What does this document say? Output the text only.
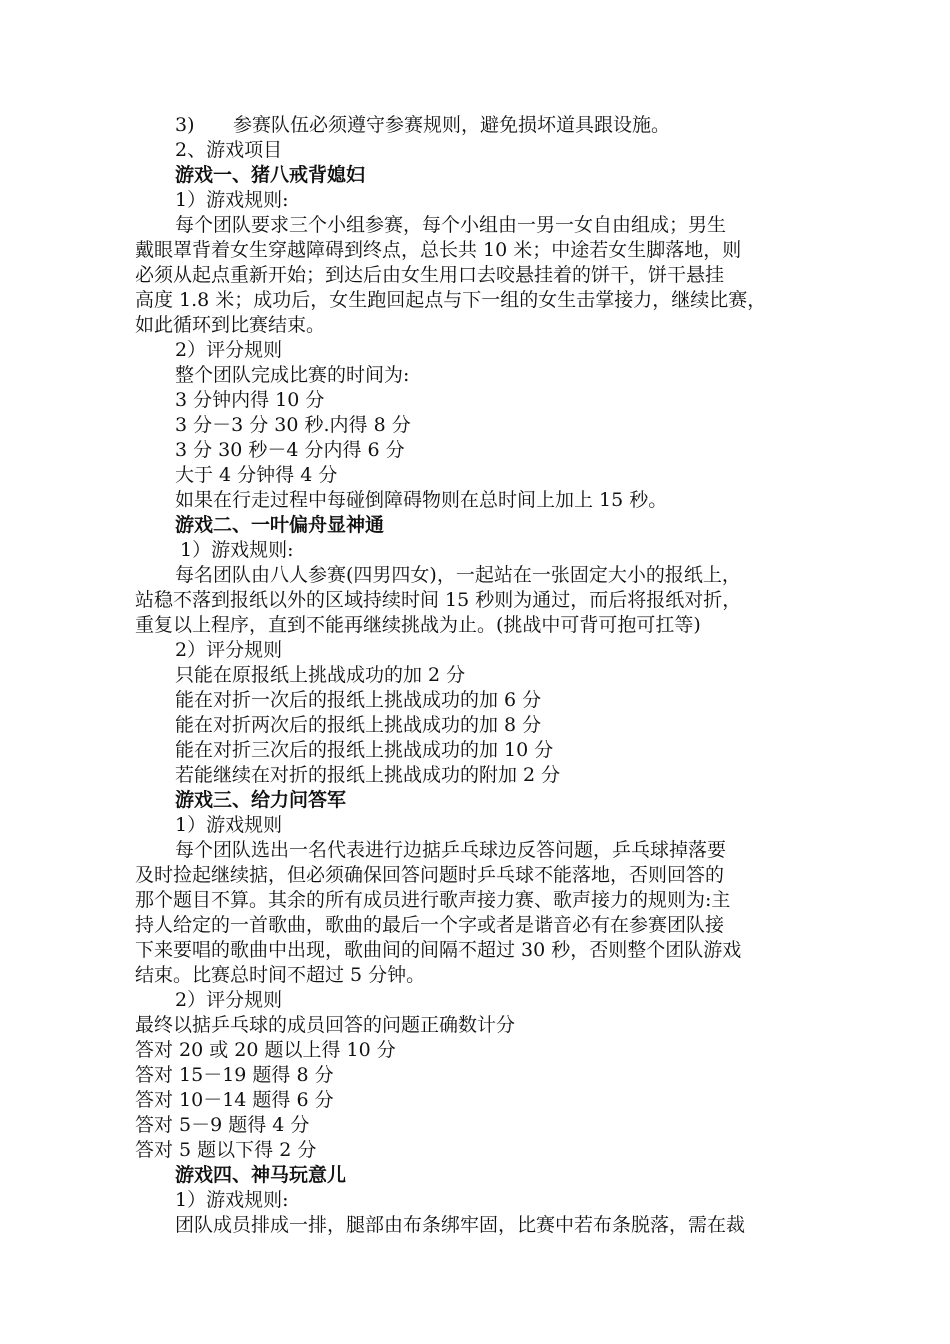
3) 参赛队伍必须遵守参赛规则，避免损坏道具跟设施。
2、游戏项目
游戏一、猪八戒背媳妇
1）游戏规则:
每个团队要求三个小组参赛，每个小组由一男一女自由组成；男生
戴眼罩背着女生穿越障碍到终点，总长共 10 米；中途若女生脚落地，则
必须从起点重新开始；到达后由女生用口去咬悬挂着的饼干，饼干悬挂
高度 1.8 米；成功后，女生跑回起点与下一组的女生击掌接力，继续比赛，
如此循环到比赛结束。
2）评分规则
整个团队完成比赛的时间为:
3 分钟内得 10 分
3 分－3 分 30 秒.内得 8 分
3 分 30 秒－4 分内得 6 分
大于 4 分钟得 4 分
如果在行走过程中每碰倒障碍物则在总时间上加上 15 秒。
游戏二、一叶偏舟显神通
1）游戏规则:
每名团队由八人参赛(四男四女)，一起站在一张固定大小的报纸上，
站稳不落到报纸以外的区域持续时间 15 秒则为通过，而后将报纸对折，
重复以上程序，直到不能再继续挑战为止。(挑战中可背可抱可扛等)
2）评分规则
只能在原报纸上挑战成功的加 2 分
能在对折一次后的报纸上挑战成功的加 6 分
能在对折两次后的报纸上挑战成功的加 8 分
能在对折三次后的报纸上挑战成功的加 10 分
若能继续在对折的报纸上挑战成功的附加 2 分
游戏三、给力问答军
1）游戏规则
每个团队选出一名代表进行边掂乒乓球边反答问题，乒乓球掉落要
及时捡起继续掂，但必须确保回答问题时乒乓球不能落地，否则回答的
那个题目不算。其余的所有成员进行歌声接力赛、歌声接力的规则为:主
持人给定的一首歌曲，歌曲的最后一个字或者是谐音必有在参赛团队接
下来要唱的歌曲中出现，歌曲间的间隔不超过 30 秒，否则整个团队游戏
结束。比赛总时间不超过 5 分钟。
2）评分规则
最终以掂乒乓球的成员回答的问题正确数计分
答对 20 或 20 题以上得 10 分
答对 15－19 题得 8 分
答对 10－14 题得 6 分
答对 5－9 题得 4 分
答对 5 题以下得 2 分
游戏四、神马玩意儿
1）游戏规则:
团队成员排成一排，腿部由布条绑牢固，比赛中若布条脱落，需在裁
